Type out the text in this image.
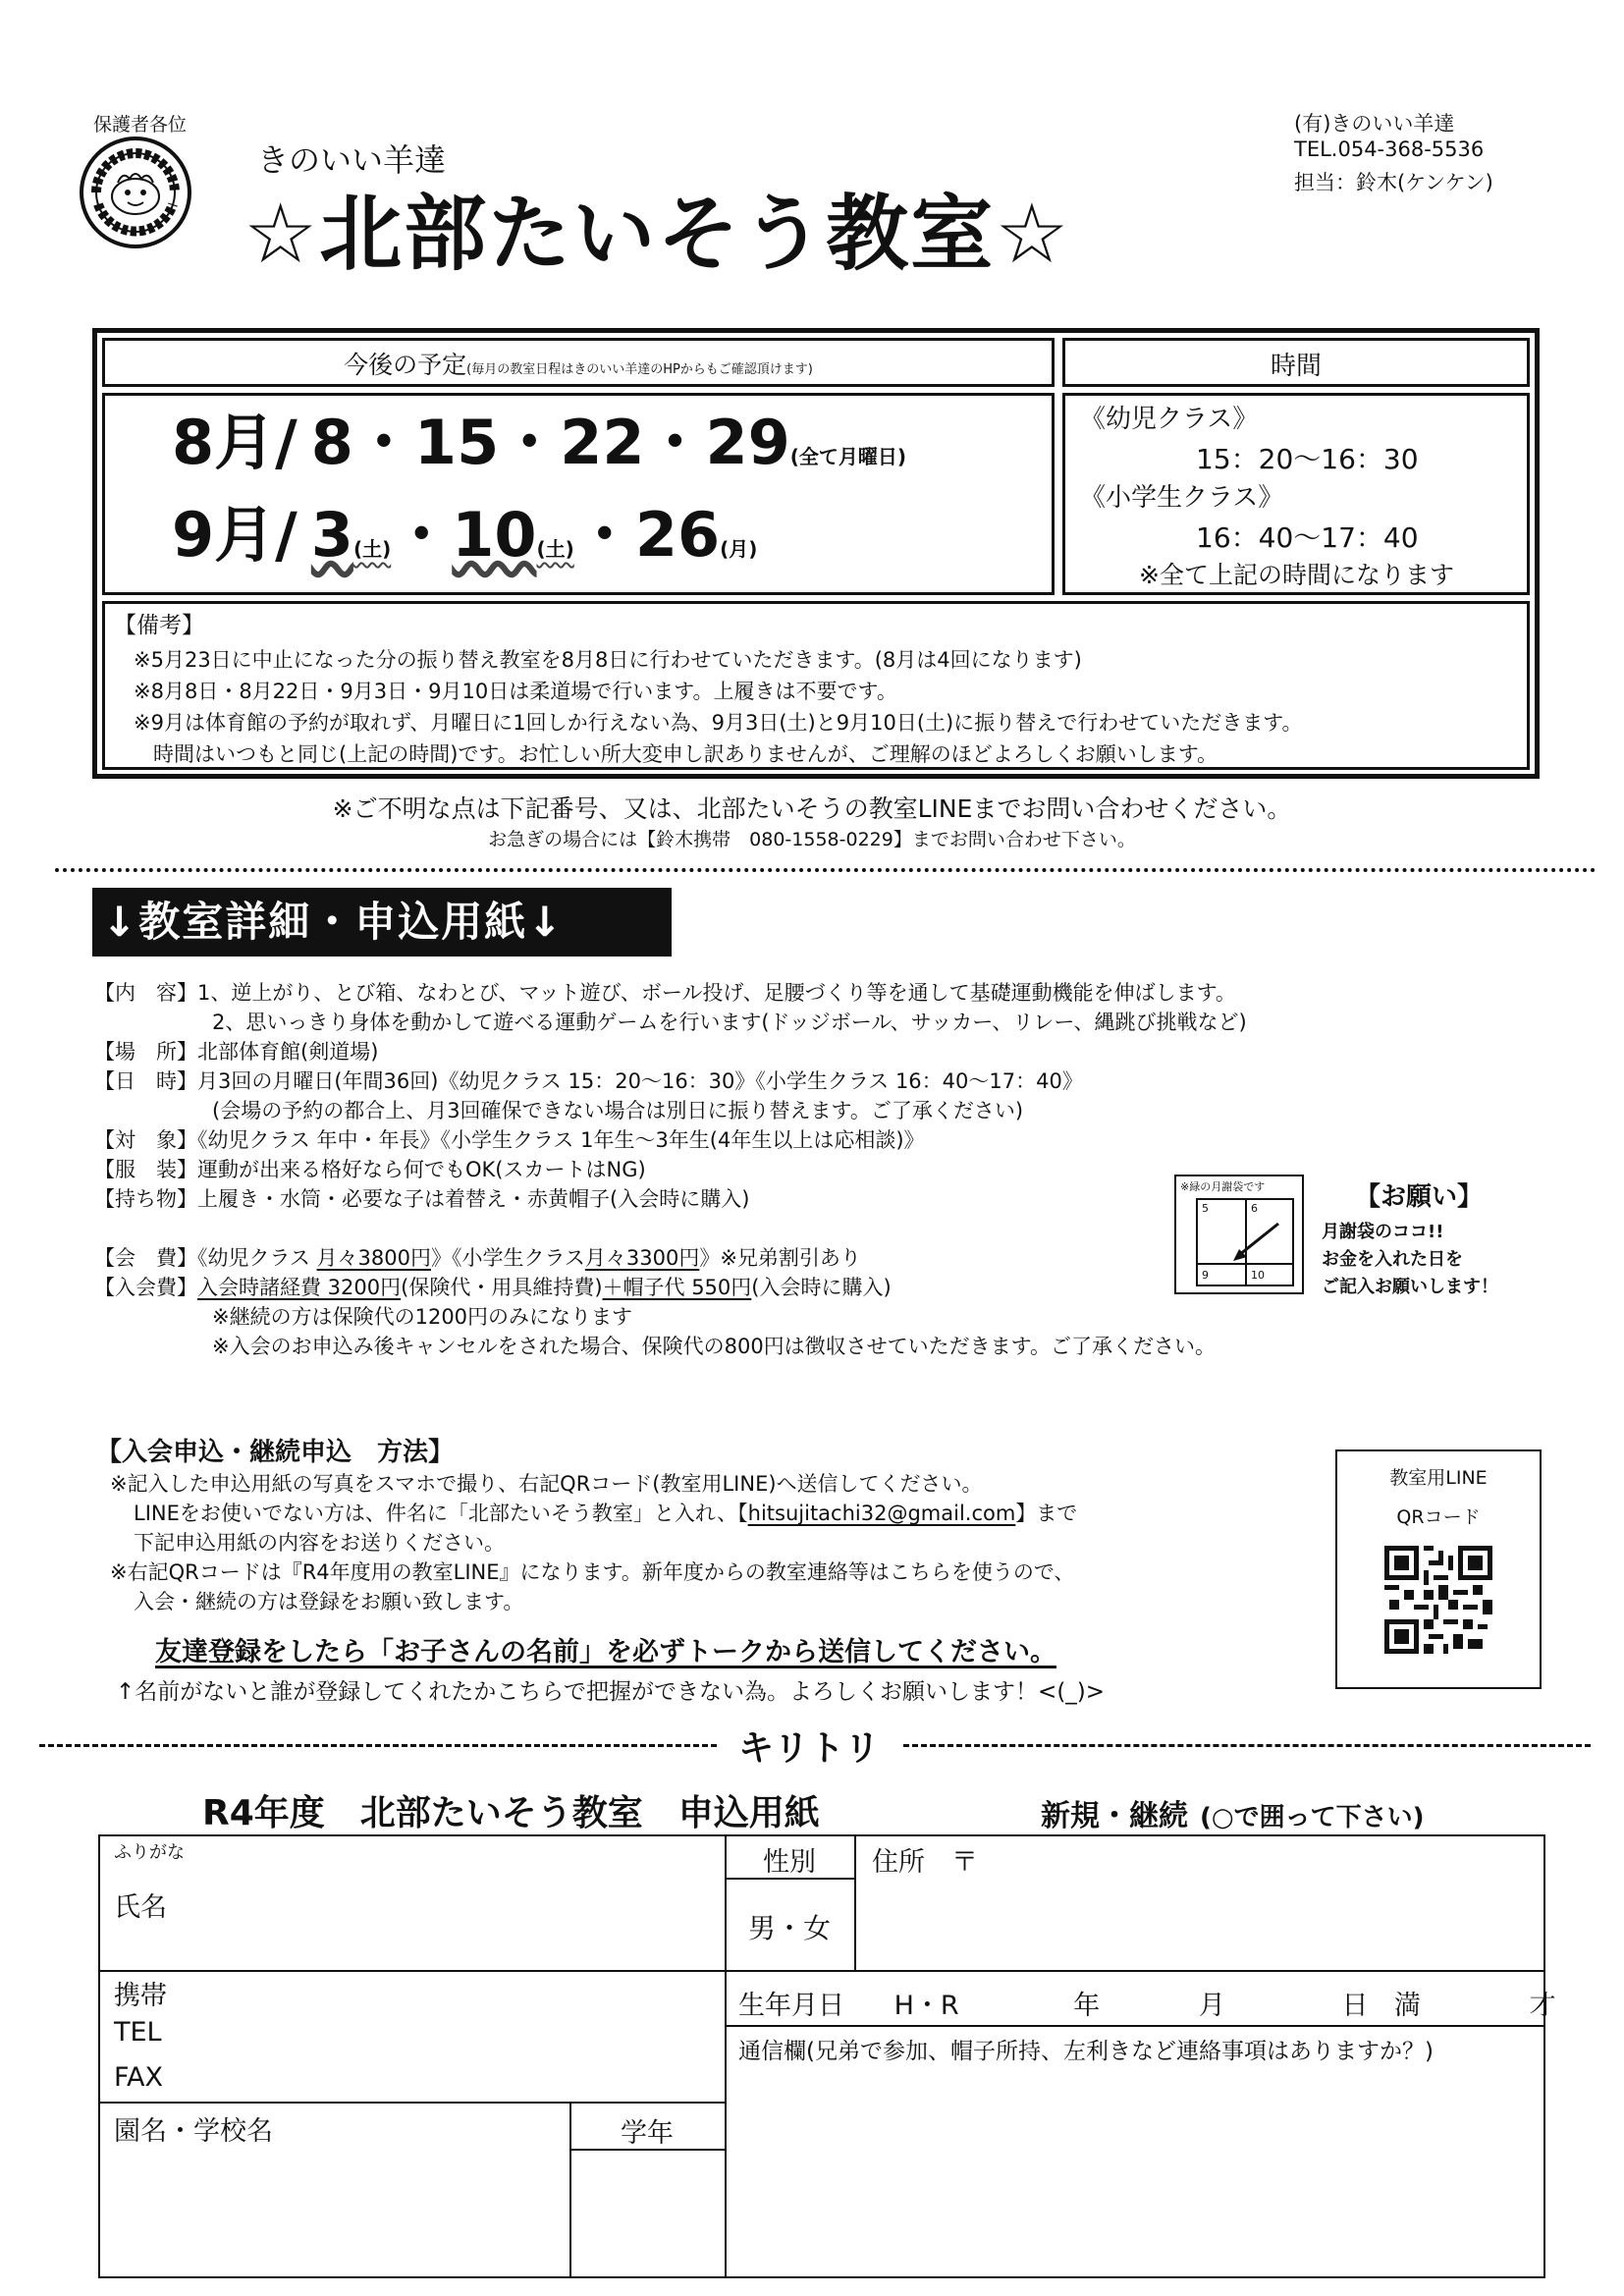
保護者各位
きのいい羊達
☆北部たいそう教室☆
(有)きのいい羊達
TEL.054-368-5536
担当：鈴木(ケンケン)
今後の予定(毎月の教室日程はきのいい羊達のHPからもご確認頂けます)	時間
8月/ 8・15・22・29(全て月曜日)
9月/ 3(土)・10(土)・26(月)
《幼児クラス》
15：20〜16：30
《小学生クラス》
16：40〜17：40
※全て上記の時間になります
【備考】
※5月23日に中止になった分の振り替え教室を8月8日に行わせていただきます。(8月は4回になります)
※8月8日・8月22日・9月3日・9月10日は柔道場で行います。上履きは不要です。
※9月は体育館の予約が取れず、月曜日に1回しか行えない為、9月3日(土)と9月10日(土)に振り替えで行わせていただきます。
時間はいつもと同じ(上記の時間)です。お忙しい所大変申し訳ありませんが、ご理解のほどよろしくお願いします。
※ご不明な点は下記番号、又は、北部たいそうの教室LINEまでお問い合わせください。
お急ぎの場合には【鈴木携帯　080-1558-0229】までお問い合わせ下さい。
↓教室詳細・申込用紙↓
【内　容】1、逆上がり、とび箱、なわとび、マット遊び、ボール投げ、足腰づくり等を通して基礎運動機能を伸ばします。
2、思いっきり身体を動かして遊べる運動ゲームを行います(ドッジボール、サッカー、リレー、縄跳び挑戦など)
【場　所】北部体育館(剣道場)
【日　時】月3回の月曜日(年間36回)《幼児クラス 15：20〜16：30》《小学生クラス 16：40〜17：40》
(会場の予約の都合上、月3回確保できない場合は別日に振り替えます。ご了承ください)
【対　象】《幼児クラス 年中・年長》《小学生クラス 1年生〜3年生(4年生以上は応相談)》
【服　装】運動が出来る格好なら何でもOK(スカートはNG)
【持ち物】上履き・水筒・必要な子は着替え・赤黄帽子(入会時に購入)
【会　費】《幼児クラス 月々3800円》《小学生クラス月々3300円》※兄弟割引あり
【入会費】入会時諸経費 3200円(保険代・用具維持費)＋帽子代 550円(入会時に購入)
※継続の方は保険代の1200円のみになります
※入会のお申込み後キャンセルをされた場合、保険代の800円は徴収させていただきます。ご了承ください。
※緑の月謝袋です
5	6
9	10
【お願い】
月謝袋のココ!!
お金を入れた日を
ご記入お願いします！
【入会申込・継続申込　方法】
※記入した申込用紙の写真をスマホで撮り、右記QRコード(教室用LINE)へ送信してください。
LINEをお使いでない方は、件名に「北部たいそう教室」と入れ、【hitsujitachi32@gmail.com】まで
下記申込用紙の内容をお送りください。
※右記QRコードは『R4年度用の教室LINE』になります。新年度からの教室連絡等はこちらを使うので、
入会・継続の方は登録をお願い致します。
友達登録をしたら「お子さんの名前」を必ずトークから送信してください。
↑名前がないと誰が登録してくれたかこちらで把握ができない為。よろしくお願いします！<(_)>
教室用LINE
QRコード
キリトリ
R4年度　北部たいそう教室　申込用紙	新規・継続 (○で囲って下さい)
ふりがな
氏名
性別
男・女
住所　〒
携帯
TEL
FAX
生年月日 H・R	年	月	日 満	才
通信欄(兄弟で参加、帽子所持、左利きなど連絡事項はありますか？)
園名・学校名	学年
